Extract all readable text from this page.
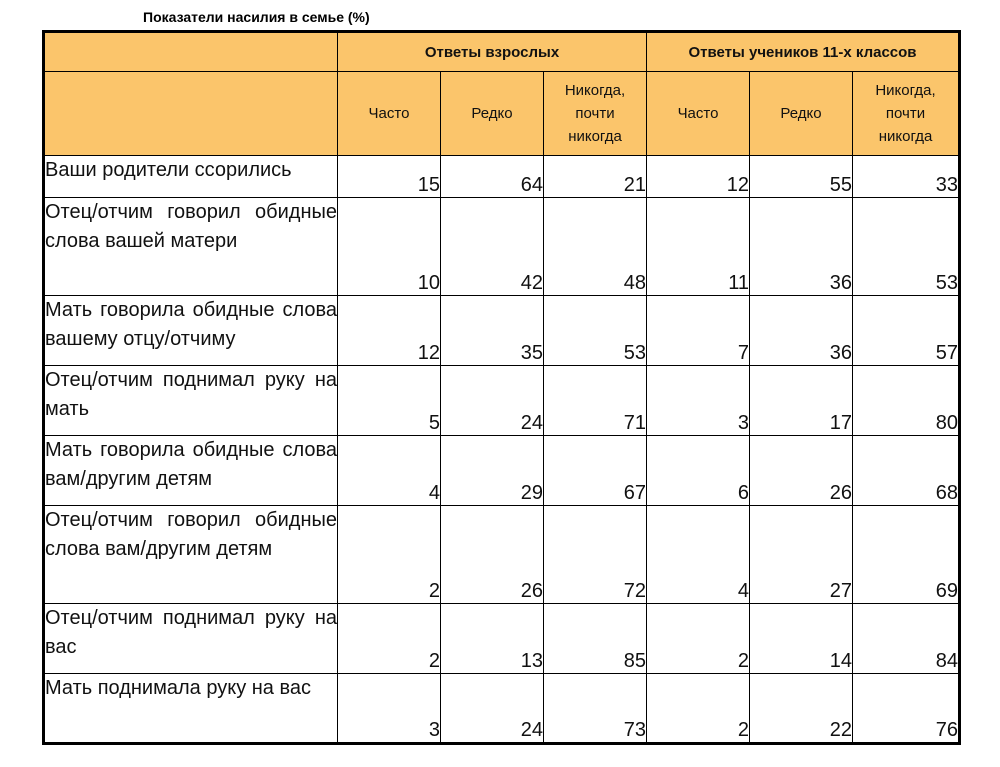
Показатели насилия в семье (%)
	Ответы взрослых			Ответы учеников 11-х классов		
	Часто	Редко	Никогда, почти никогда	Часто	Редко	Никогда, почти никогда
Ваши родители ссорились	15	64	21	12	55	33
Отец/отчим говорил обидные слова вашей матери	10	42	48	11	36	53
Мать говорила обидные слова вашему отцу/отчиму	12	35	53	7	36	57
Отец/отчим поднимал руку на мать	5	24	71	3	17	80
Мать говорила обидные слова вам/другим детям	4	29	67	6	26	68
Отец/отчим говорил обидные слова вам/другим детям	2	26	72	4	27	69
Отец/отчим поднимал руку на вас	2	13	85	2	14	84
Мать поднимала руку на вас	3	24	73	2	22	76
